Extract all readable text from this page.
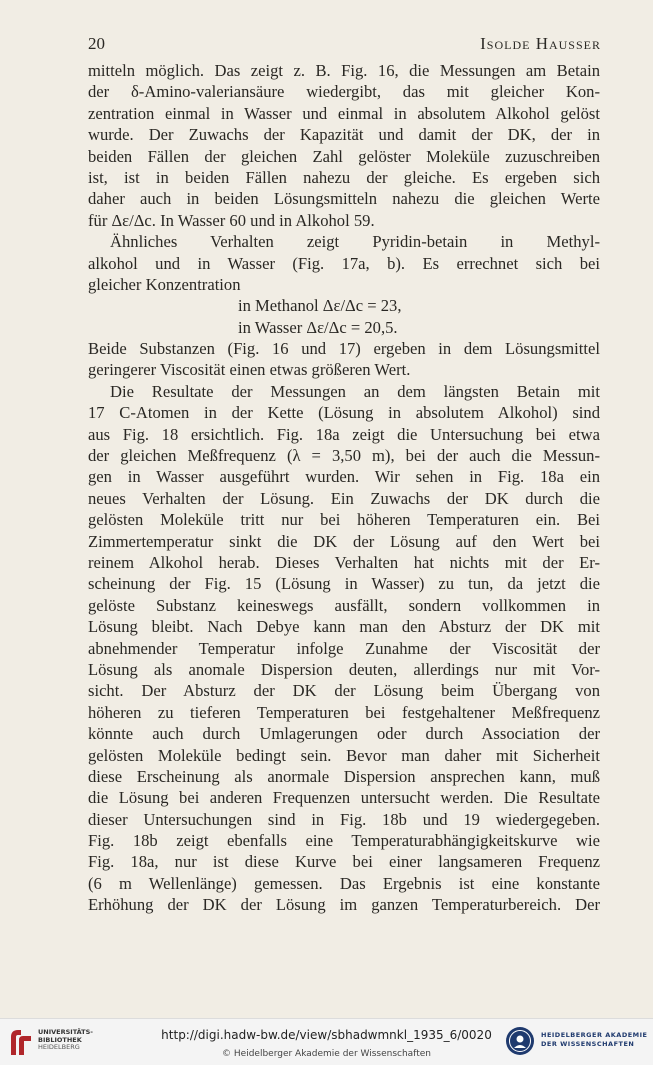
20	Isolde Hausser
mitteln möglich. Das zeigt z. B. Fig. 16, die Messungen am Betain
der δ-Amino-valeriansäure wiedergibt, das mit gleicher Kon-
zentration einmal in Wasser und einmal in absolutem Alkohol gelöst
wurde. Der Zuwachs der Kapazität und damit der DK, der in
beiden Fällen der gleichen Zahl gelöster Moleküle zuzuschreiben
ist, ist in beiden Fällen nahezu der gleiche. Es ergeben sich
daher auch in beiden Lösungsmitteln nahezu die gleichen Werte
für Δε/Δc. In Wasser 60 und in Alkohol 59.
Ähnliches Verhalten zeigt Pyridin-betain in Methyl-
alkohol und in Wasser (Fig. 17a, b). Es errechnet sich bei
gleicher Konzentration
in Methanol Δε/Δc = 23,
in Wasser Δε/Δc = 20,5.
Beide Substanzen (Fig. 16 und 17) ergeben in dem Lösungsmittel
geringerer Viscosität einen etwas größeren Wert.
Die Resultate der Messungen an dem längsten Betain mit
17 C-Atomen in der Kette (Lösung in absolutem Alkohol) sind
aus Fig. 18 ersichtlich. Fig. 18a zeigt die Untersuchung bei etwa
der gleichen Meßfrequenz (λ = 3,50 m), bei der auch die Messun-
gen in Wasser ausgeführt wurden. Wir sehen in Fig. 18a ein
neues Verhalten der Lösung. Ein Zuwachs der DK durch die
gelösten Moleküle tritt nur bei höheren Temperaturen ein. Bei
Zimmertemperatur sinkt die DK der Lösung auf den Wert bei
reinem Alkohol herab. Dieses Verhalten hat nichts mit der Er-
scheinung der Fig. 15 (Lösung in Wasser) zu tun, da jetzt die
gelöste Substanz keineswegs ausfällt, sondern vollkommen in
Lösung bleibt. Nach Debye kann man den Absturz der DK mit
abnehmender Temperatur infolge Zunahme der Viscosität der
Lösung als anomale Dispersion deuten, allerdings nur mit Vor-
sicht. Der Absturz der DK der Lösung beim Übergang von
höheren zu tieferen Temperaturen bei festgehaltener Meßfrequenz
könnte auch durch Umlagerungen oder durch Association der
gelösten Moleküle bedingt sein. Bevor man daher mit Sicherheit
diese Erscheinung als anormale Dispersion ansprechen kann, muß
die Lösung bei anderen Frequenzen untersucht werden. Die Resultate
dieser Untersuchungen sind in Fig. 18b und 19 wiedergegeben.
Fig. 18b zeigt ebenfalls eine Temperaturabhängigkeitskurve wie
Fig. 18a, nur ist diese Kurve bei einer langsameren Frequenz
(6 m Wellenlänge) gemessen. Das Ergebnis ist eine konstante
Erhöhung der DK der Lösung im ganzen Temperaturbereich. Der
UNIVERSITÄTS-
BIBLIOTHEK
HEIDELBERG
http://digi.hadw-bw.de/view/sbhadwmnkl_1935_6/0020
© Heidelberger Akademie der Wissenschaften
HEIDELBERGER AKADEMIE
DER WISSENSCHAFTEN
